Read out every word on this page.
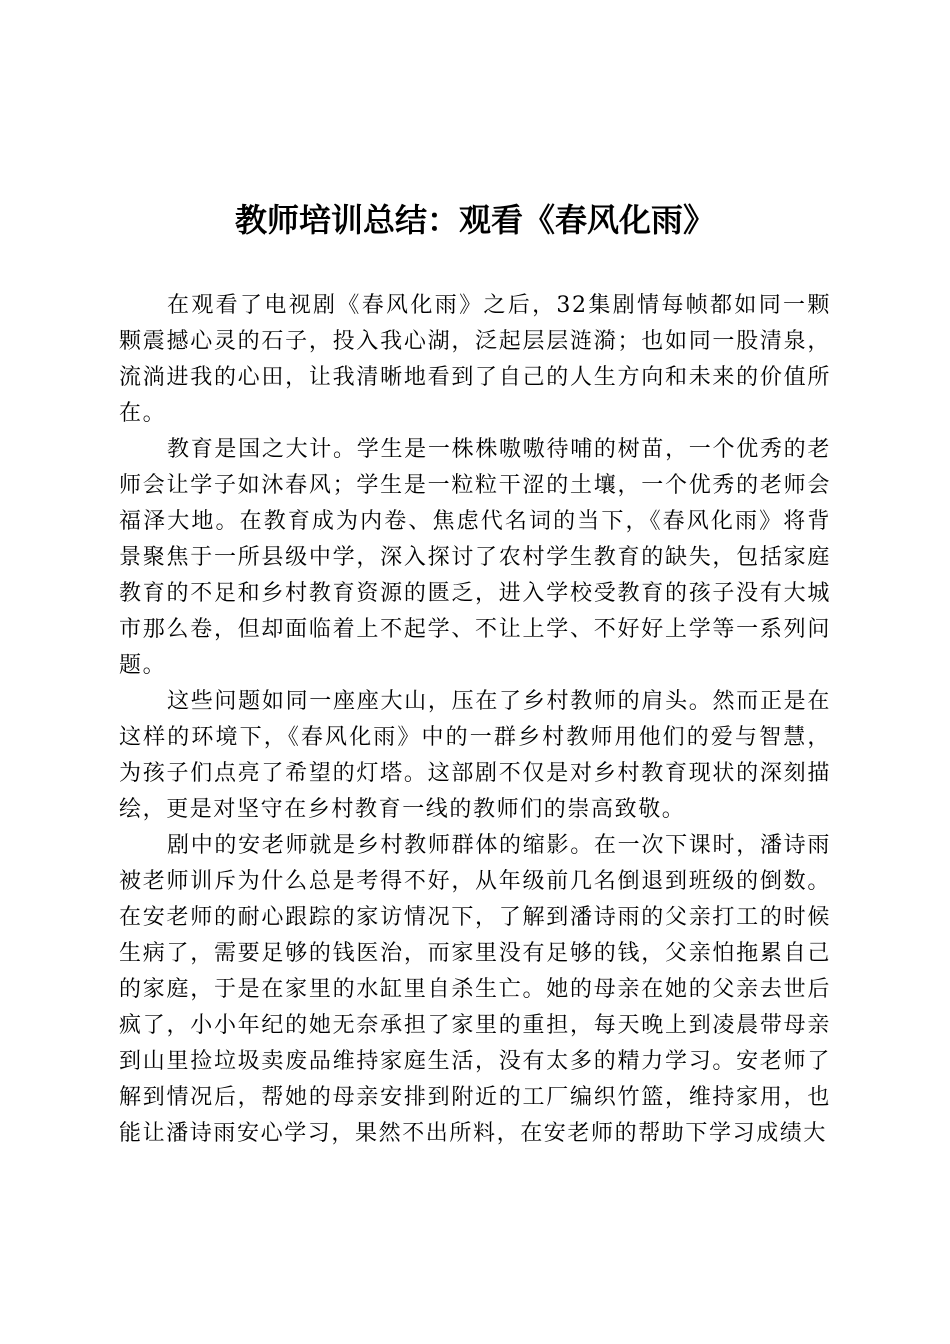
教师培训总结：观看《春风化雨》

在观看了电视剧《春风化雨》之后，32集剧情每帧都如同一颗颗震撼心灵的石子，投入我心湖，泛起层层涟漪；也如同一股清泉，流淌进我的心田，让我清晰地看到了自己的人生方向和未来的价值所在。

教育是国之大计。学生是一株株嗷嗷待哺的树苗，一个优秀的老师会让学子如沐春风；学生是一粒粒干涩的土壤，一个优秀的老师会福泽大地。在教育成为内卷、焦虑代名词的当下，《春风化雨》将背景聚焦于一所县级中学，深入探讨了农村学生教育的缺失，包括家庭教育的不足和乡村教育资源的匮乏，进入学校受教育的孩子没有大城市那么卷，但却面临着上不起学、不让上学、不好好上学等一系列问题。

这些问题如同一座座大山，压在了乡村教师的肩头。然而正是在这样的环境下，《春风化雨》中的一群乡村教师用他们的爱与智慧，为孩子们点亮了希望的灯塔。这部剧不仅是对乡村教育现状的深刻描绘，更是对坚守在乡村教育一线的教师们的崇高致敬。

剧中的安老师就是乡村教师群体的缩影。在一次下课时，潘诗雨被老师训斥为什么总是考得不好，从年级前几名倒退到班级的倒数。在安老师的耐心跟踪的家访情况下，了解到潘诗雨的父亲打工的时候生病了，需要足够的钱医治，而家里没有足够的钱，父亲怕拖累自己的家庭，于是在家里的水缸里自杀生亡。她的母亲在她的父亲去世后疯了，小小年纪的她无奈承担了家里的重担，每天晚上到凌晨带母亲到山里捡垃圾卖废品维持家庭生活，没有太多的精力学习。安老师了解到情况后，帮她的母亲安排到附近的工厂编织竹篮，维持家用，也能让潘诗雨安心学习，果然不出所料，在安老师的帮助下学习成绩大
